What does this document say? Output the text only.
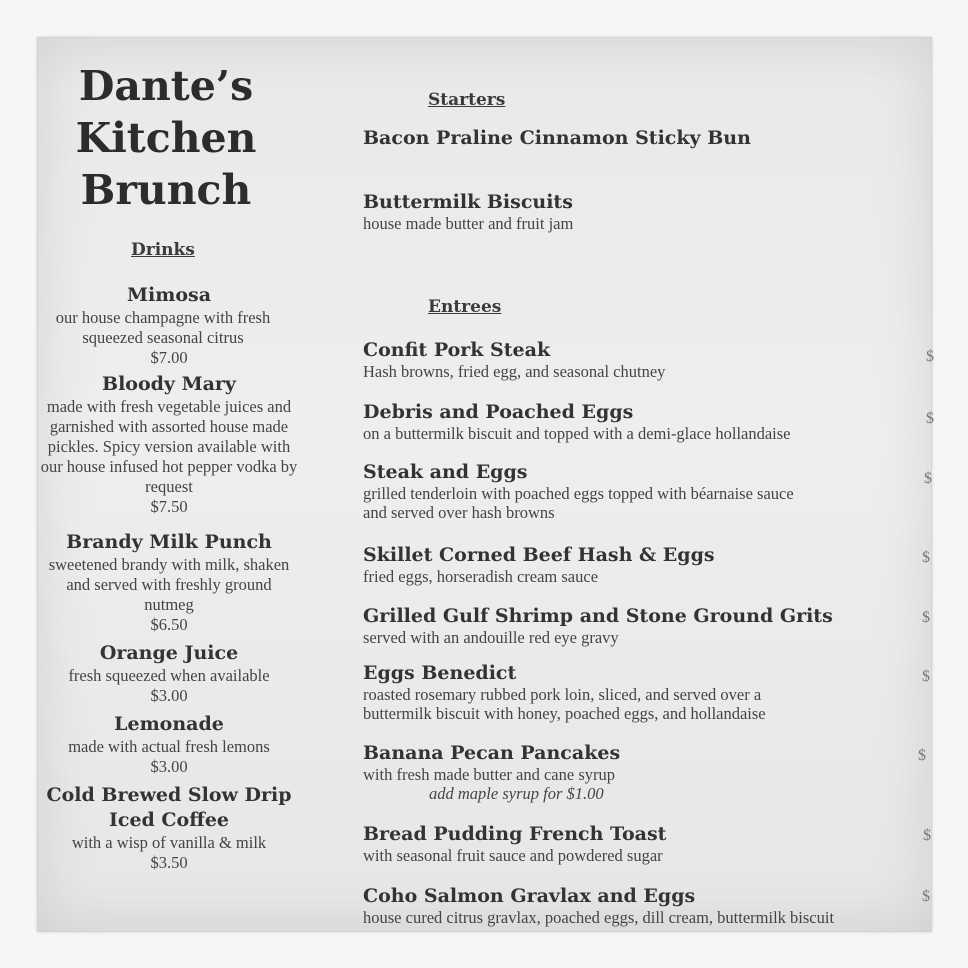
Dante’s
Kitchen
Brunch

Drinks

Mimosa
our house champagne with fresh squeezed seasonal citrus
$7.00
Bloody Mary
made with fresh vegetable juices and garnished with assorted house made pickles. Spicy version available with our house infused hot pepper vodka by request
$7.50
Brandy Milk Punch
sweetened brandy with milk, shaken and served with freshly ground nutmeg
$6.50
Orange Juice
fresh squeezed when available
$3.00
Lemonade
made with actual fresh lemons
$3.00
Cold Brewed Slow Drip Iced Coffee
with a wisp of vanilla & milk
$3.50

Starters

Bacon Praline Cinnamon Sticky Bun
Buttermilk Biscuits
house made butter and fruit jam

Entrees

Confit Pork Steak
Hash browns, fried egg, and seasonal chutney
Debris and Poached Eggs
on a buttermilk biscuit and topped with a demi-glace hollandaise
Steak and Eggs
grilled tenderloin with poached eggs topped with béarnaise sauce
and served over hash browns
Skillet Corned Beef Hash & Eggs
fried eggs, horseradish cream sauce
Grilled Gulf Shrimp and Stone Ground Grits
served with an andouille red eye gravy
Eggs Benedict
roasted rosemary rubbed pork loin, sliced, and served over a
buttermilk biscuit with honey, poached eggs, and hollandaise
Banana Pecan Pancakes
with fresh made butter and cane syrup
add maple syrup for $1.00
Bread Pudding French Toast
with seasonal fruit sauce and powdered sugar
Coho Salmon Gravlax and Eggs
house cured citrus gravlax, poached eggs, dill cream, buttermilk biscuit
$
$
$
$
$
$
$
$
$
